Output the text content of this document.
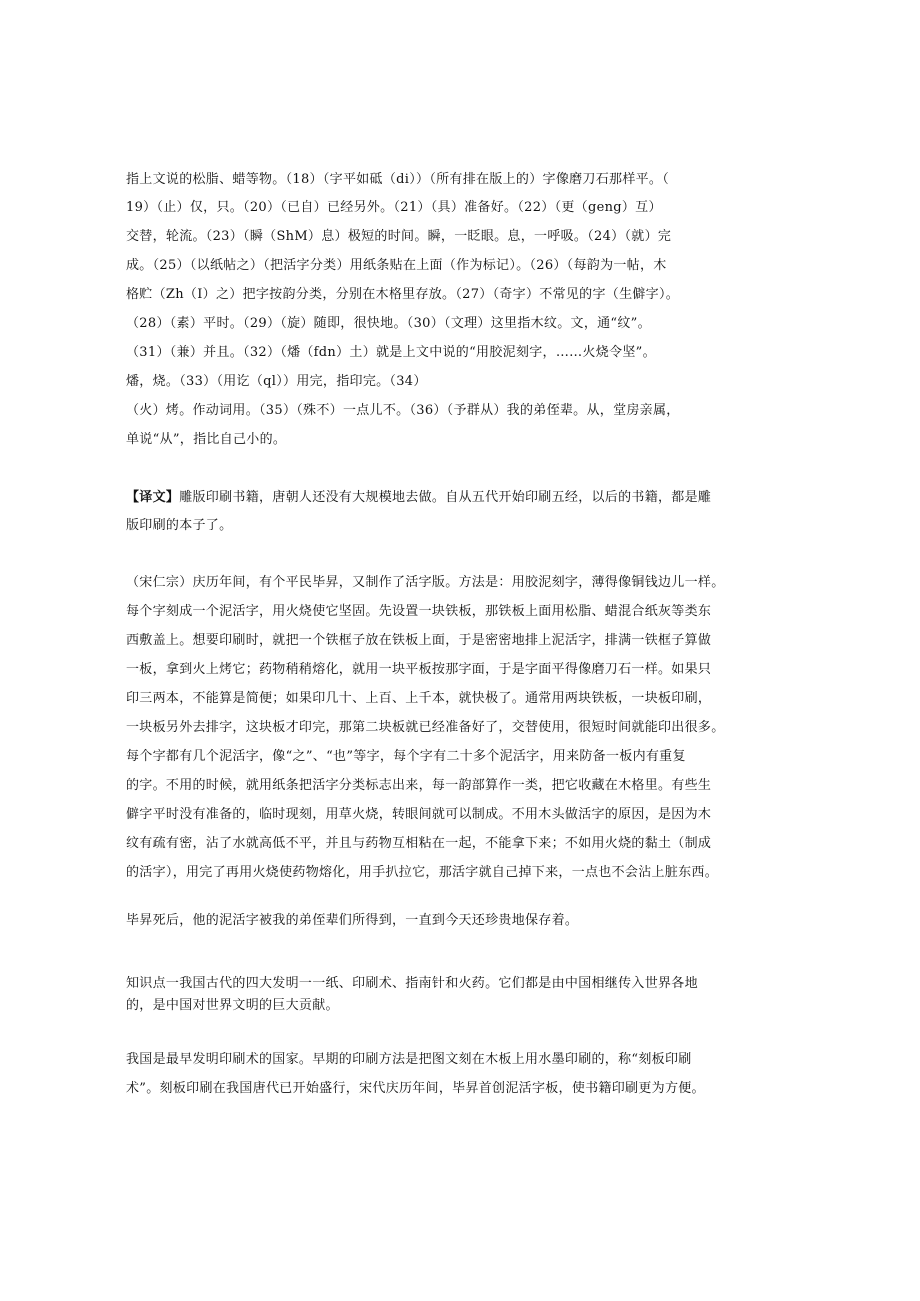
指上文说的松脂、蜡等物。（18）（字平如砥（di））（所有排在版上的）字像磨刀石那样平。（
19）（止）仅，只。（20）（已自）已经另外。（21）（具）准备好。（22）（更（geng）互）
交替，轮流。（23）（瞬（ShM）息）极短的时间。瞬，一眨眼。息，一呼吸。（24）（就）完
成。（25）（以纸帖之）（把活字分类）用纸条贴在上面（作为标记）。（26）（每韵为一帖，木
格贮（Zh（I）之）把字按韵分类，分别在木格里存放。（27）（奇字）不常见的字（生僻字）。
（28）（素）平时。（29）（旋）随即，很快地。（30）（文理）这里指木纹。文，通“纹”。
（31）（兼）并且。（32）（燔（fdn）土）就是上文中说的“用胶泥刻字，……火烧令坚”。
燔，烧。（33）（用讫（ql））用完，指印完。（34）
（火）烤。作动词用。（35）（殊不）一点儿不。（36）（予群从）我的弟侄辈。从，堂房亲属，
单说“从”，指比自己小的。
【译文】雕版印刷书籍，唐朝人还没有大规模地去做。自从五代开始印刷五经，以后的书籍，都是雕
版印刷的本子了。
（宋仁宗）庆历年间，有个平民毕昇，又制作了活字版。方法是：用胶泥刻字，薄得像铜钱边儿一样。
每个字刻成一个泥活字，用火烧使它坚固。先设置一块铁板，那铁板上面用松脂、蜡混合纸灰等类东
西敷盖上。想要印刷时，就把一个铁框子放在铁板上面，于是密密地排上泥活字，排满一铁框子算做
一板，拿到火上烤它；药物稍稍熔化，就用一块平板按那字面，于是字面平得像磨刀石一样。如果只
印三两本，不能算是简便；如果印几十、上百、上千本，就快极了。通常用两块铁板，一块板印刷，
一块板另外去排字，这块板才印完，那第二块板就已经准备好了，交替使用，很短时间就能印出很多。
每个字都有几个泥活字，像“之”、“也”等字，每个字有二十多个泥活字，用来防备一板内有重复
的字。不用的时候，就用纸条把活字分类标志出来，每一韵部算作一类，把它收藏在木格里。有些生
僻字平时没有准备的，临时现刻，用草火烧，转眼间就可以制成。不用木头做活字的原因，是因为木
纹有疏有密，沾了水就高低不平，并且与药物互相粘在一起，不能拿下来；不如用火烧的黏土（制成
的活字），用完了再用火烧使药物熔化，用手扒拉它，那活字就自己掉下来，一点也不会沾上脏东西。
毕昇死后，他的泥活字被我的弟侄辈们所得到，一直到今天还珍贵地保存着。
知识点一我国古代的四大发明一一纸、印刷术、指南针和火药。它们都是由中国相继传入世界各地
的，是中国对世界文明的巨大贡献。
我国是最早发明印刷术的国家。早期的印刷方法是把图文刻在木板上用水墨印刷的，称“刻板印刷
术”。刻板印刷在我国唐代已开始盛行，宋代庆历年间，毕昇首创泥活字板，使书籍印刷更为方便。
